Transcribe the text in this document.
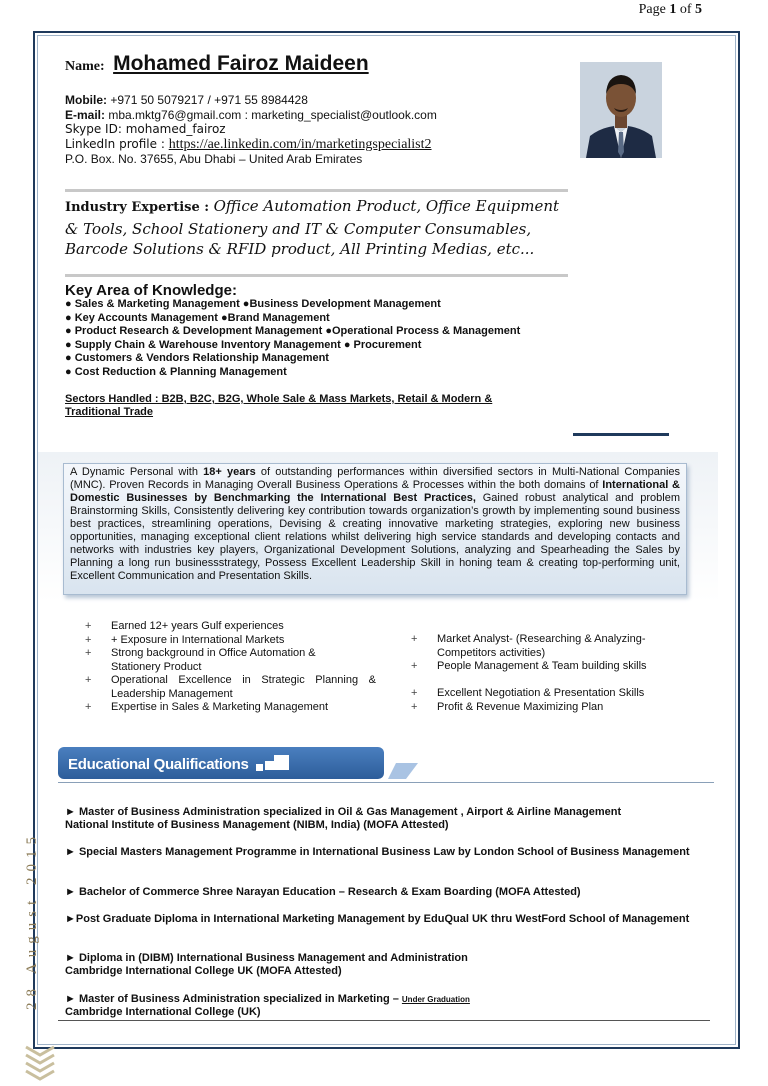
Page 1 of 5
28 August 2015
Name: Mohamed Fairoz Maideen
Mobile: +971 50 5079217 / +971 55 8984428
E-mail: mba.mktg76@gmail.com : marketing_specialist@outlook.com
Skype ID: mohamed_fairoz
LinkedIn profile : https://ae.linkedin.com/in/marketingspecialist2
P.O. Box. No. 37655, Abu Dhabi – United Arab Emirates
Industry Expertise : Office Automation Product, Office Equipment & Tools, School Stationery and IT & Computer Consumables, Barcode Solutions & RFID product, All Printing Medias, etc...
Key Area of Knowledge:
● Sales & Marketing Management ●Business Development Management
● Key Accounts Management ●Brand Management
● Product Research & Development Management ●Operational Process & Management
● Supply Chain & Warehouse Inventory Management ● Procurement
● Customers & Vendors Relationship Management
● Cost Reduction & Planning Management
Sectors Handled : B2B, B2C, B2G, Whole Sale & Mass Markets, Retail & Modern & Traditional Trade
A Dynamic Personal with 18+ years of outstanding performances within diversified sectors in Multi-National Companies (MNC). Proven Records in Managing Overall Business Operations & Processes within the both domains of International & Domestic Businesses by Benchmarking the International Best Practices, Gained robust analytical and problem Brainstorming Skills, Consistently delivering key contribution towards organization’s growth by implementing sound business best practices, streamlining operations, Devising & creating innovative marketing strategies, exploring new business opportunities, managing exceptional client relations whilst delivering high service standards and developing contacts and networks with industries key players, Organizational Development Solutions, analyzing and Spearheading the Sales by Planning a long run businessstrategy, Possess Excellent Leadership Skill in honing team & creating top-performing unit, Excellent Communication and Presentation Skills.
+	Earned 12+ years Gulf experiences
+	+ Exposure in International Markets
+	Strong background in Office Automation &
Stationery Product
+	Operational Excellence in Strategic Planning &
Leadership Management
+	Expertise in Sales & Marketing Management
+	Market Analyst- (Researching & Analyzing-
Competitors activities)
+	People Management & Team building skills
+	Excellent Negotiation & Presentation Skills
+	Profit & Revenue Maximizing Plan
Educational Qualifications
► Master of Business Administration specialized in Oil & Gas Management , Airport & Airline Management
National Institute of Business Management (NIBM, India) (MOFA Attested)
► Special Masters Management Programme in International Business Law by London School of Business Management
► Bachelor of Commerce Shree Narayan Education – Research & Exam Boarding (MOFA Attested)
►Post Graduate Diploma in International Marketing Management by EduQual UK thru WestFord School of Management
► Diploma in (DIBM) International Business Management and Administration
Cambridge International College UK (MOFA Attested)
► Master of Business Administration specialized in Marketing – Under Graduation
Cambridge International College (UK)
